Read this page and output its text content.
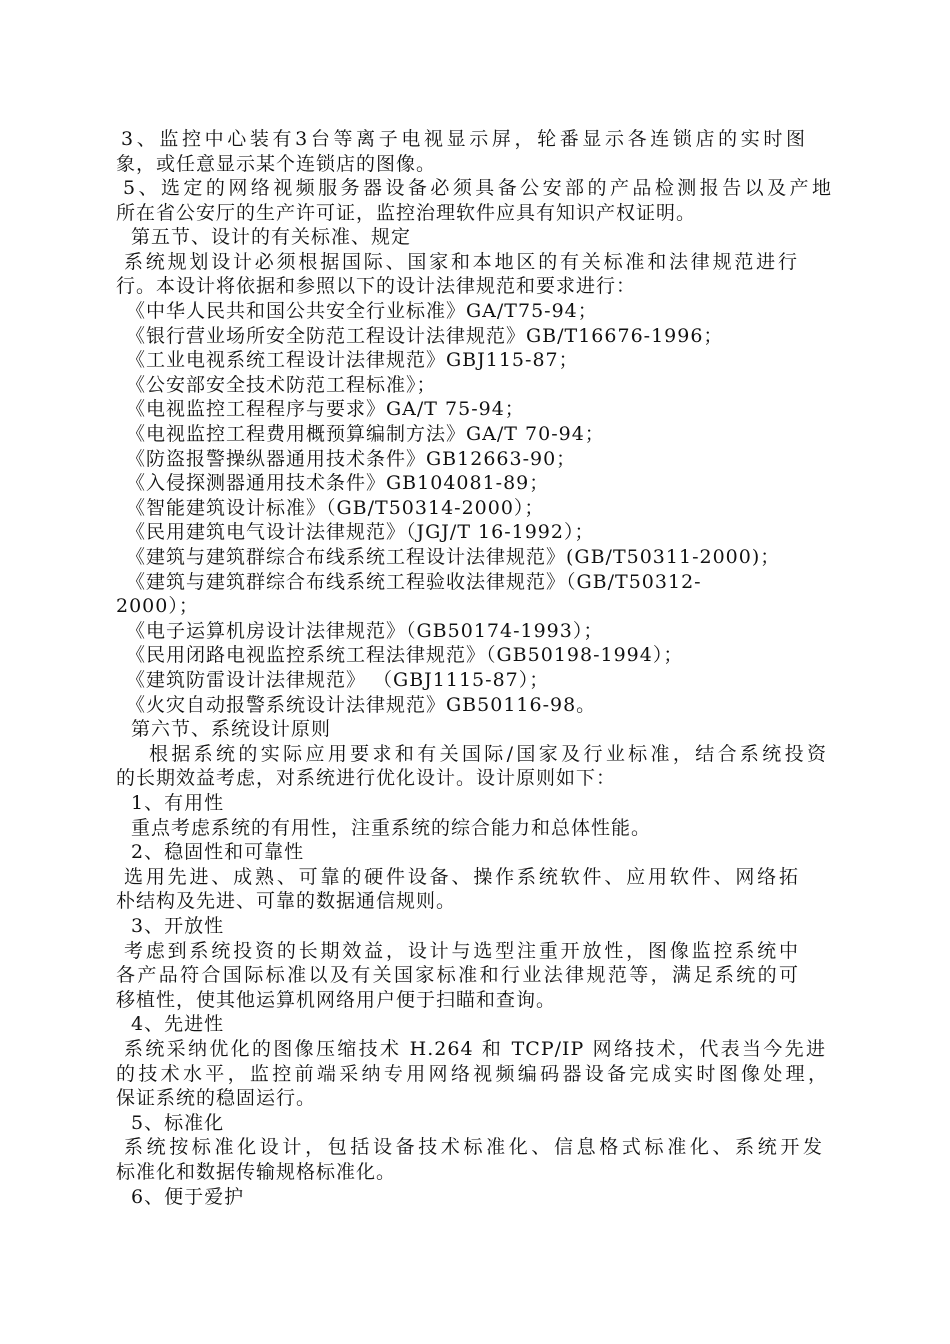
3、监控中心装有3台等离子电视显示屏，轮番显示各连锁店的实时图
象，或任意显示某个连锁店的图像。
5、选定的网络视频服务器设备必须具备公安部的产品检测报告以及产地
所在省公安厅的生产许可证，监控治理软件应具有知识产权证明。
第五节、设计的有关标准、规定
系统规划设计必须根据国际、国家和本地区的有关标准和法律规范进行
行。本设计将依据和参照以下的设计法律规范和要求进行：
《中华人民共和国公共安全行业标准》GA/T75-94；
《银行营业场所安全防范工程设计法律规范》GB/T16676-1996；
《工业电视系统工程设计法律规范》GBJ115-87；
《公安部安全技术防范工程标准》；
《电视监控工程程序与要求》GA/T 75-94；
《电视监控工程费用概预算编制方法》GA/T 70-94；
《防盗报警操纵器通用技术条件》GB12663-90；
《入侵探测器通用技术条件》GB104081-89；
《智能建筑设计标准》（GB/T50314-2000）；
《民用建筑电气设计法律规范》（JGJ/T 16-1992）；
《建筑与建筑群综合布线系统工程设计法律规范》(GB/T50311-2000)；
《建筑与建筑群综合布线系统工程验收法律规范》（GB/T50312-
2000）；
《电子运算机房设计法律规范》（GB50174-1993）；
《民用闭路电视监控系统工程法律规范》（GB50198-1994）；
《建筑防雷设计法律规范》 （GBJ1115-87）；
《火灾自动报警系统设计法律规范》GB50116-98。
第六节、系统设计原则
根据系统的实际应用要求和有关国际/国家及行业标准，结合系统投资
的长期效益考虑，对系统进行优化设计。设计原则如下：
1、有用性
重点考虑系统的有用性，注重系统的综合能力和总体性能。
2、稳固性和可靠性
选用先进、成熟、可靠的硬件设备、操作系统软件、应用软件、网络拓
朴结构及先进、可靠的数据通信规则。
3、开放性
考虑到系统投资的长期效益，设计与选型注重开放性，图像监控系统中
各产品符合国际标准以及有关国家标准和行业法律规范等，满足系统的可
移植性，使其他运算机网络用户便于扫瞄和查询。
4、先进性
系统采纳优化的图像压缩技术 H.264 和 TCP/IP 网络技术，代表当今先进
的技术水平，监控前端采纳专用网络视频编码器设备完成实时图像处理，
保证系统的稳固运行。
5、标准化
系统按标准化设计，包括设备技术标准化、信息格式标准化、系统开发
标准化和数据传输规格标准化。
6、便于爱护
